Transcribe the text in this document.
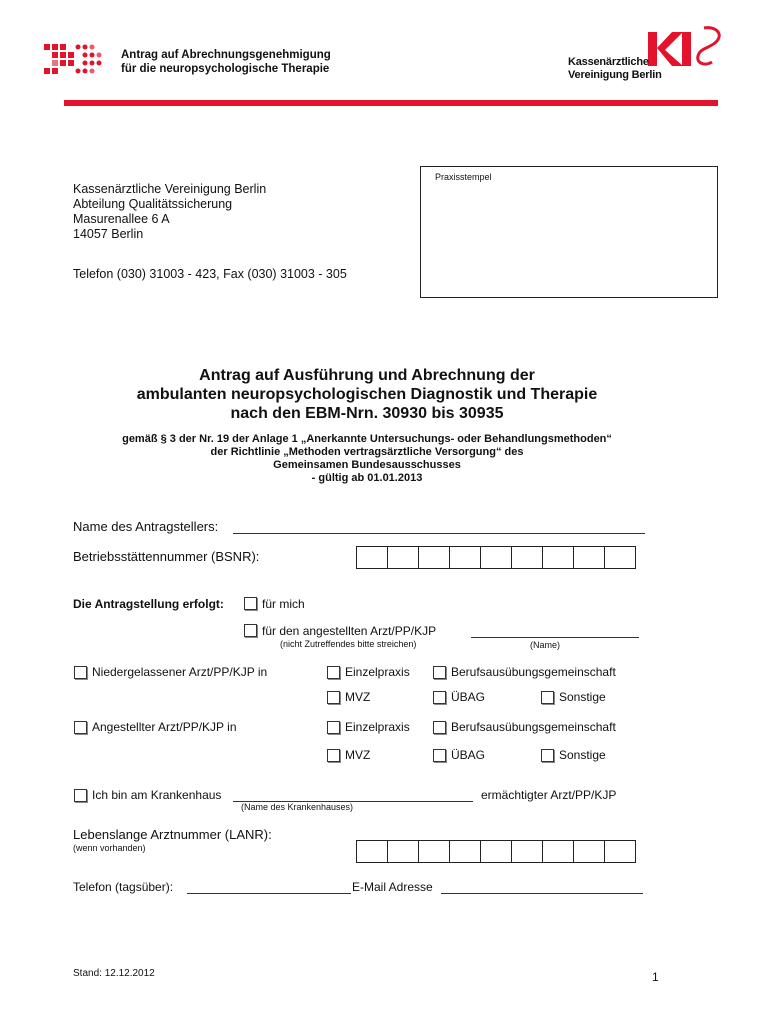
Antrag auf Abrechnungsgenehmigung
für die neuropsychologische Therapie
Kassenärztliche
Vereinigung Berlin
Praxisstempel
Kassenärztliche Vereinigung Berlin
Abteilung Qualitätssicherung
Masurenallee 6 A
14057 Berlin
Telefon (030) 31003 - 423, Fax (030) 31003 - 305
Antrag auf Ausführung und Abrechnung der
ambulanten neuropsychologischen Diagnostik und Therapie
nach den EBM-Nrn. 30930 bis 30935
gemäß § 3 der Nr. 19 der Anlage 1 „Anerkannte Untersuchungs- oder Behandlungsmethoden“
der Richtlinie „Methoden vertragsärztliche Versorgung“ des
Gemeinsamen Bundesausschusses
- gültig ab 01.01.2013
Name des Antragstellers:
Betriebsstättennummer (BSNR):
Die Antragstellung erfolgt:	für mich
für den angestellten Arzt/PP/KJP
(nicht Zutreffendes bitte streichen)	(Name)
Niedergelassener Arzt/PP/KJP in	Einzelpraxis	Berufsausübungsgemeinschaft
MVZ	ÜBAG	Sonstige
Angestellter Arzt/PP/KJP in	Einzelpraxis	Berufsausübungsgemeinschaft
MVZ	ÜBAG	Sonstige
Ich bin am Krankenhaus	ermächtigter Arzt/PP/KJP
(Name des Krankenhauses)
Lebenslange Arztnummer (LANR):
(wenn vorhanden)
Telefon (tagsüber):	E-Mail Adresse
Stand: 12.12.2012	1
